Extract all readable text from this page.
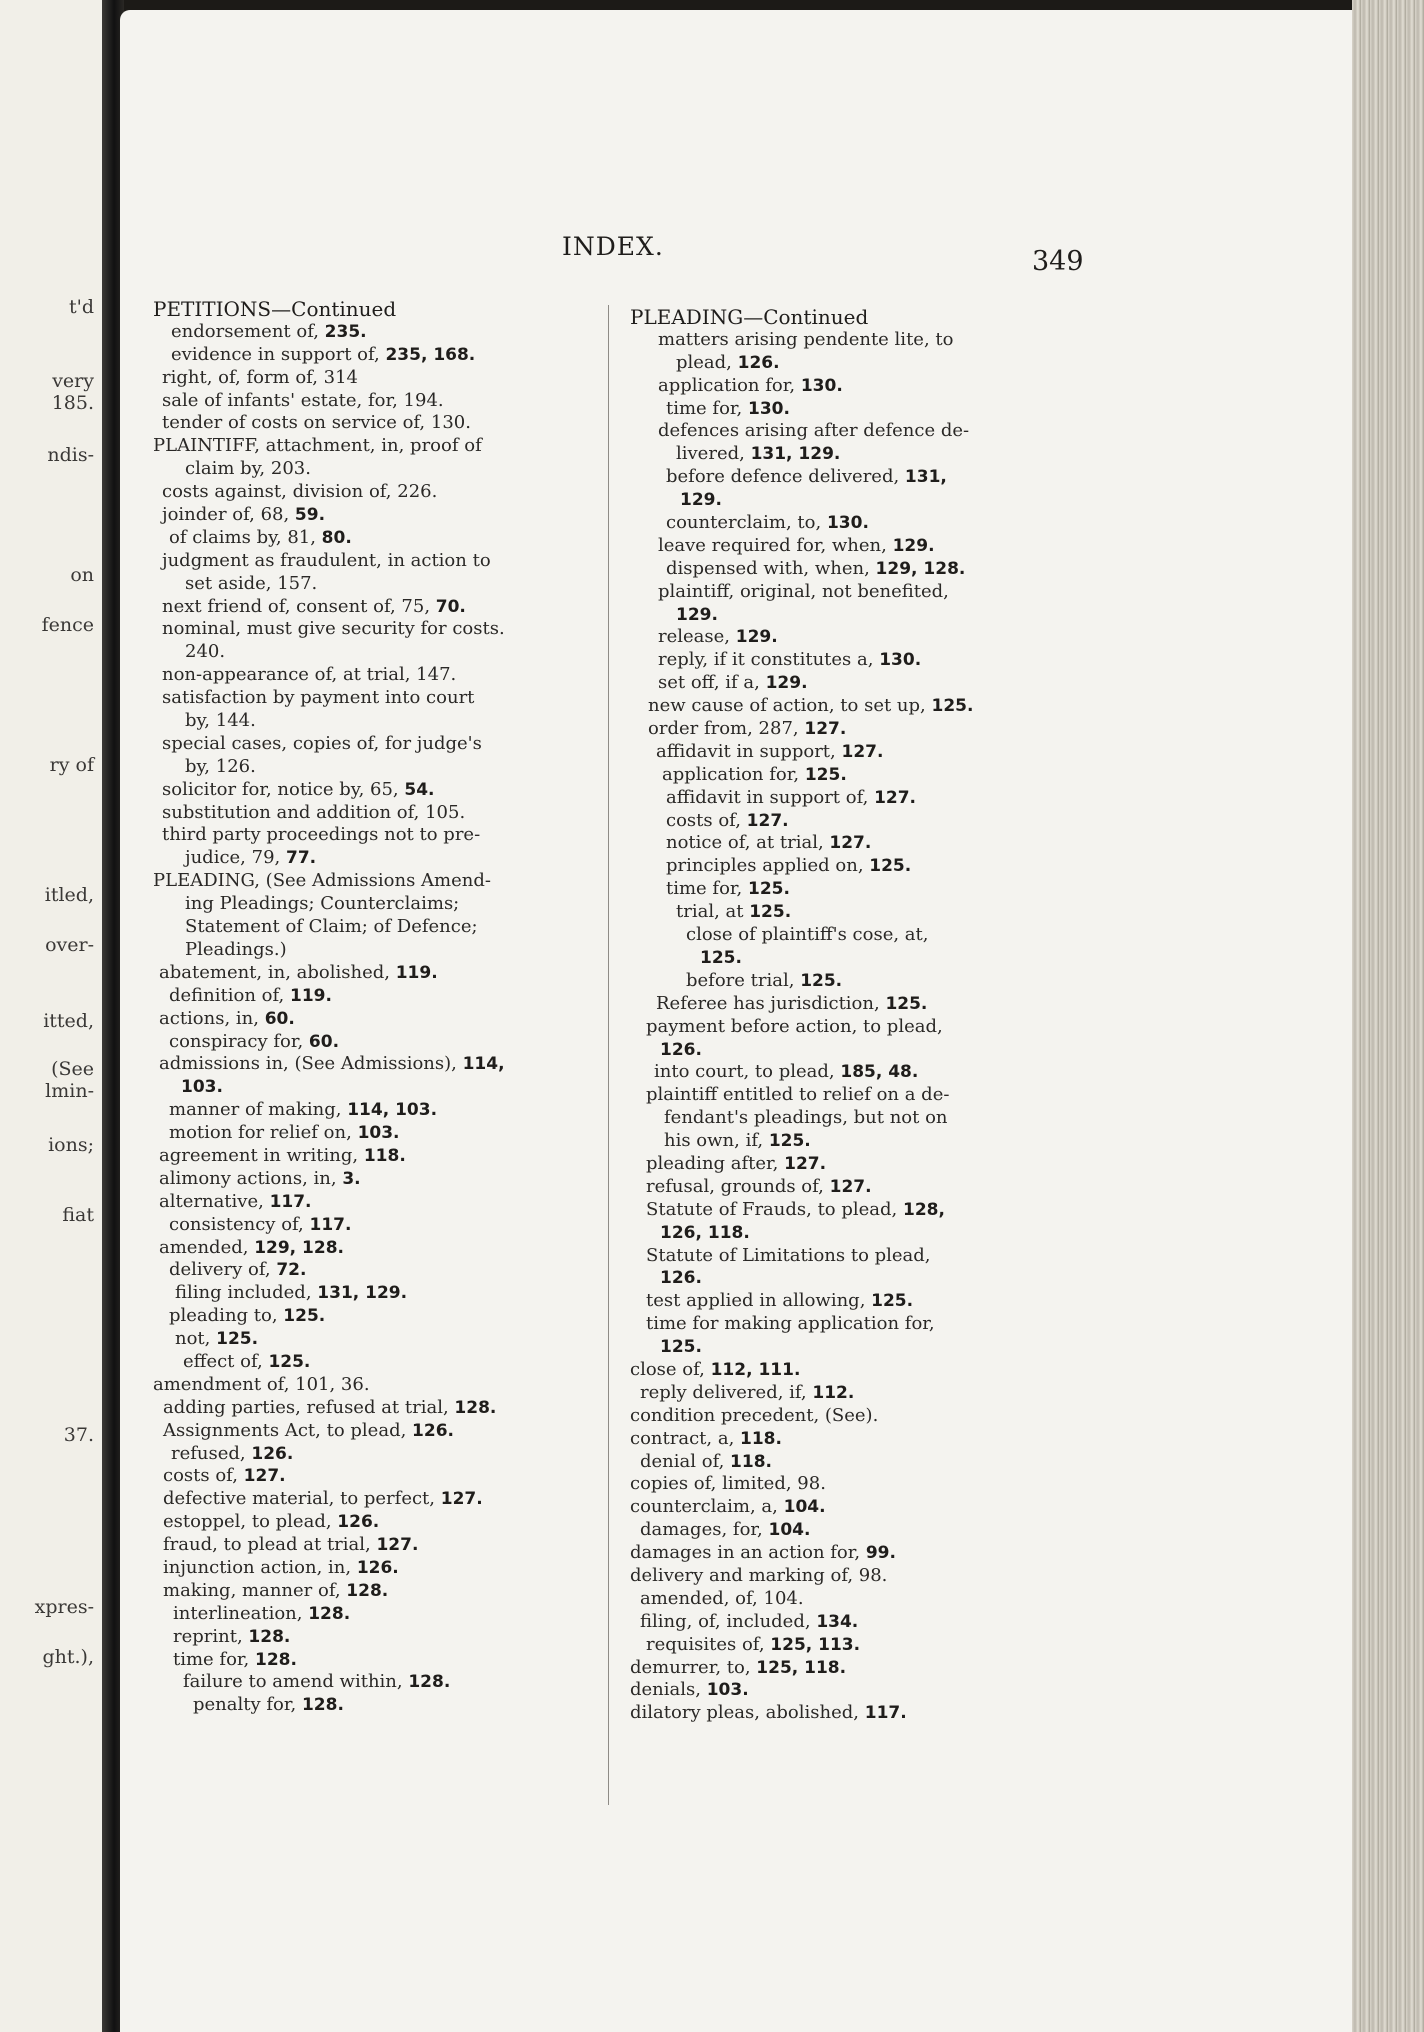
t'd
very
185.
ndis-
on
fence
ry of
itled,
over-
itted,
(See
lmin-
ions;
fiat
37.
xpres-
ght.),
INDEX.	349
PETITIONS—Continued
endorsement of, 235.
evidence in support of, 235, 168.
right, of, form of, 314
sale of infants' estate, for, 194.
tender of costs on service of, 130.
PLAINTIFF, attachment, in, proof of
claim by, 203.
costs against, division of, 226.
joinder of, 68, 59.
of claims by, 81, 80.
judgment as fraudulent, in action to
set aside, 157.
next friend of, consent of, 75, 70.
nominal, must give security for costs.
240.
non-appearance of, at trial, 147.
satisfaction by payment into court
by, 144.
special cases, copies of, for judge's
by, 126.
solicitor for, notice by, 65, 54.
substitution and addition of, 105.
third party proceedings not to pre-
judice, 79, 77.
PLEADING, (See Admissions Amend-
ing Pleadings; Counterclaims;
Statement of Claim; of Defence;
Pleadings.)
abatement, in, abolished, 119.
definition of, 119.
actions, in, 60.
conspiracy for, 60.
admissions in, (See Admissions), 114,
103.
manner of making, 114, 103.
motion for relief on, 103.
agreement in writing, 118.
alimony actions, in, 3.
alternative, 117.
consistency of, 117.
amended, 129, 128.
delivery of, 72.
filing included, 131, 129.
pleading to, 125.
not, 125.
effect of, 125.
amendment of, 101, 36.
adding parties, refused at trial, 128.
Assignments Act, to plead, 126.
refused, 126.
costs of, 127.
defective material, to perfect, 127.
estoppel, to plead, 126.
fraud, to plead at trial, 127.
injunction action, in, 126.
making, manner of, 128.
interlineation, 128.
reprint, 128.
time for, 128.
failure to amend within, 128.
penalty for, 128.
PLEADING—Continued
matters arising pendente lite, to
plead, 126.
application for, 130.
time for, 130.
defences arising after defence de-
livered, 131, 129.
before defence delivered, 131,
129.
counterclaim, to, 130.
leave required for, when, 129.
dispensed with, when, 129, 128.
plaintiff, original, not benefited,
129.
release, 129.
reply, if it constitutes a, 130.
set off, if a, 129.
new cause of action, to set up, 125.
order from, 287, 127.
affidavit in support, 127.
application for, 125.
affidavit in support of, 127.
costs of, 127.
notice of, at trial, 127.
principles applied on, 125.
time for, 125.
trial, at 125.
close of plaintiff's cose, at,
125.
before trial, 125.
Referee has jurisdiction, 125.
payment before action, to plead,
126.
into court, to plead, 185, 48.
plaintiff entitled to relief on a de-
fendant's pleadings, but not on
his own, if, 125.
pleading after, 127.
refusal, grounds of, 127.
Statute of Frauds, to plead, 128,
126, 118.
Statute of Limitations to plead,
126.
test applied in allowing, 125.
time for making application for,
125.
close of, 112, 111.
reply delivered, if, 112.
condition precedent, (See).
contract, a, 118.
denial of, 118.
copies of, limited, 98.
counterclaim, a, 104.
damages, for, 104.
damages in an action for, 99.
delivery and marking of, 98.
amended, of, 104.
filing, of, included, 134.
requisites of, 125, 113.
demurrer, to, 125, 118.
denials, 103.
dilatory pleas, abolished, 117.
